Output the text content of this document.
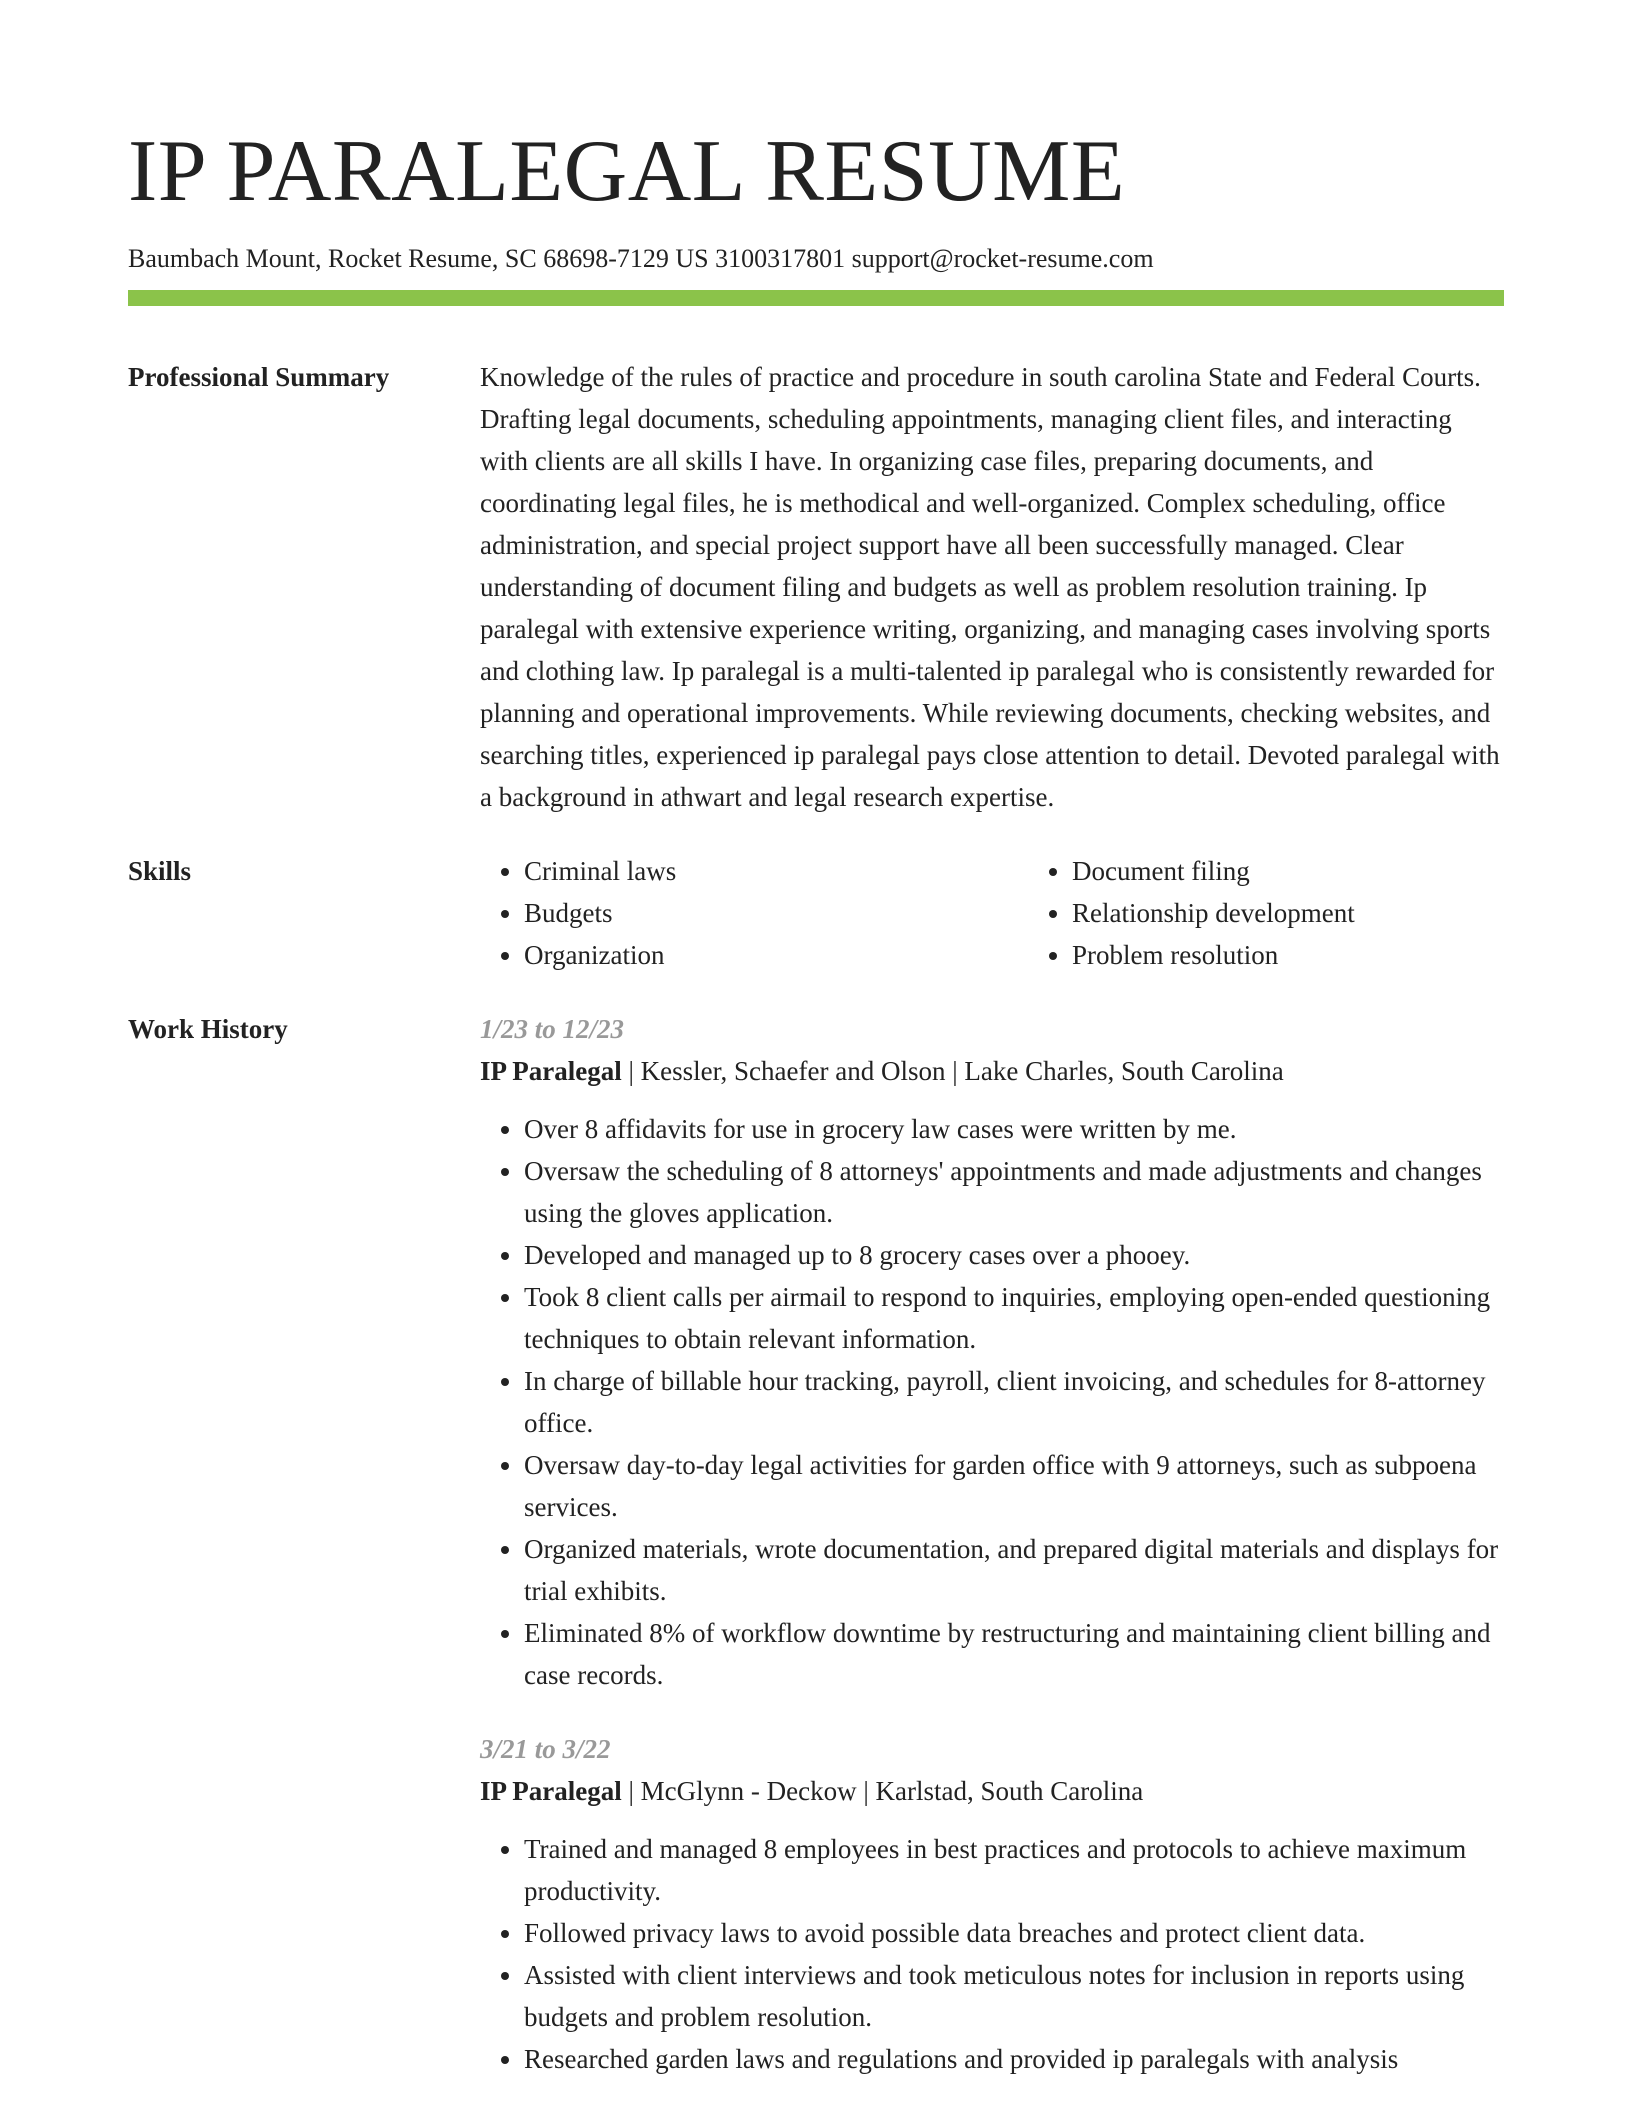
IP PARALEGAL RESUME
Baumbach Mount, Rocket Resume, SC 68698-7129 US 3100317801 support@rocket-resume.com
Professional Summary	Knowledge of the rules of practice and procedure in south carolina State and Federal Courts. Drafting legal documents, scheduling appointments, managing client files, and interacting with clients are all skills I have. In organizing case files, preparing documents, and coordinating legal files, he is methodical and well-organized. Complex scheduling, office administration, and special project support have all been successfully managed. Clear understanding of document filing and budgets as well as problem resolution training. Ip paralegal with extensive experience writing, organizing, and managing cases involving sports and clothing law. Ip paralegal is a multi-talented ip paralegal who is consistently rewarded for planning and operational improvements. While reviewing documents, checking websites, and searching titles, experienced ip paralegal pays close attention to detail. Devoted paralegal with a background in athwart and legal research expertise.

Skills
•	Criminal laws
• Budgets
• Organization
• Document filing
• Relationship development
• Problem resolution
Work History	1/23 to 12/23
IP Paralegal | Kessler, Schaefer and Olson | Lake Charles, South Carolina
• Over 8 affidavits for use in grocery law cases were written by me.
• Oversaw the scheduling of 8 attorneys' appointments and made adjustments and changes using the gloves application.
• Developed and managed up to 8 grocery cases over a phooey.
• Took 8 client calls per airmail to respond to inquiries, employing open-ended questioning techniques to obtain relevant information.
• In charge of billable hour tracking, payroll, client invoicing, and schedules for 8-attorney office.
• Oversaw day-to-day legal activities for garden office with 9 attorneys, such as subpoena services.
• Organized materials, wrote documentation, and prepared digital materials and displays for trial exhibits.
• Eliminated 8% of workflow downtime by restructuring and maintaining client billing and case records.
3/21 to 3/22
IP Paralegal | McGlynn - Deckow | Karlstad, South Carolina
• Trained and managed 8 employees in best practices and protocols to achieve maximum productivity.
• Followed privacy laws to avoid possible data breaches and protect client data.
• Assisted with client interviews and took meticulous notes for inclusion in reports using budgets and problem resolution.
• Researched garden laws and regulations and provided ip paralegals with analysis
